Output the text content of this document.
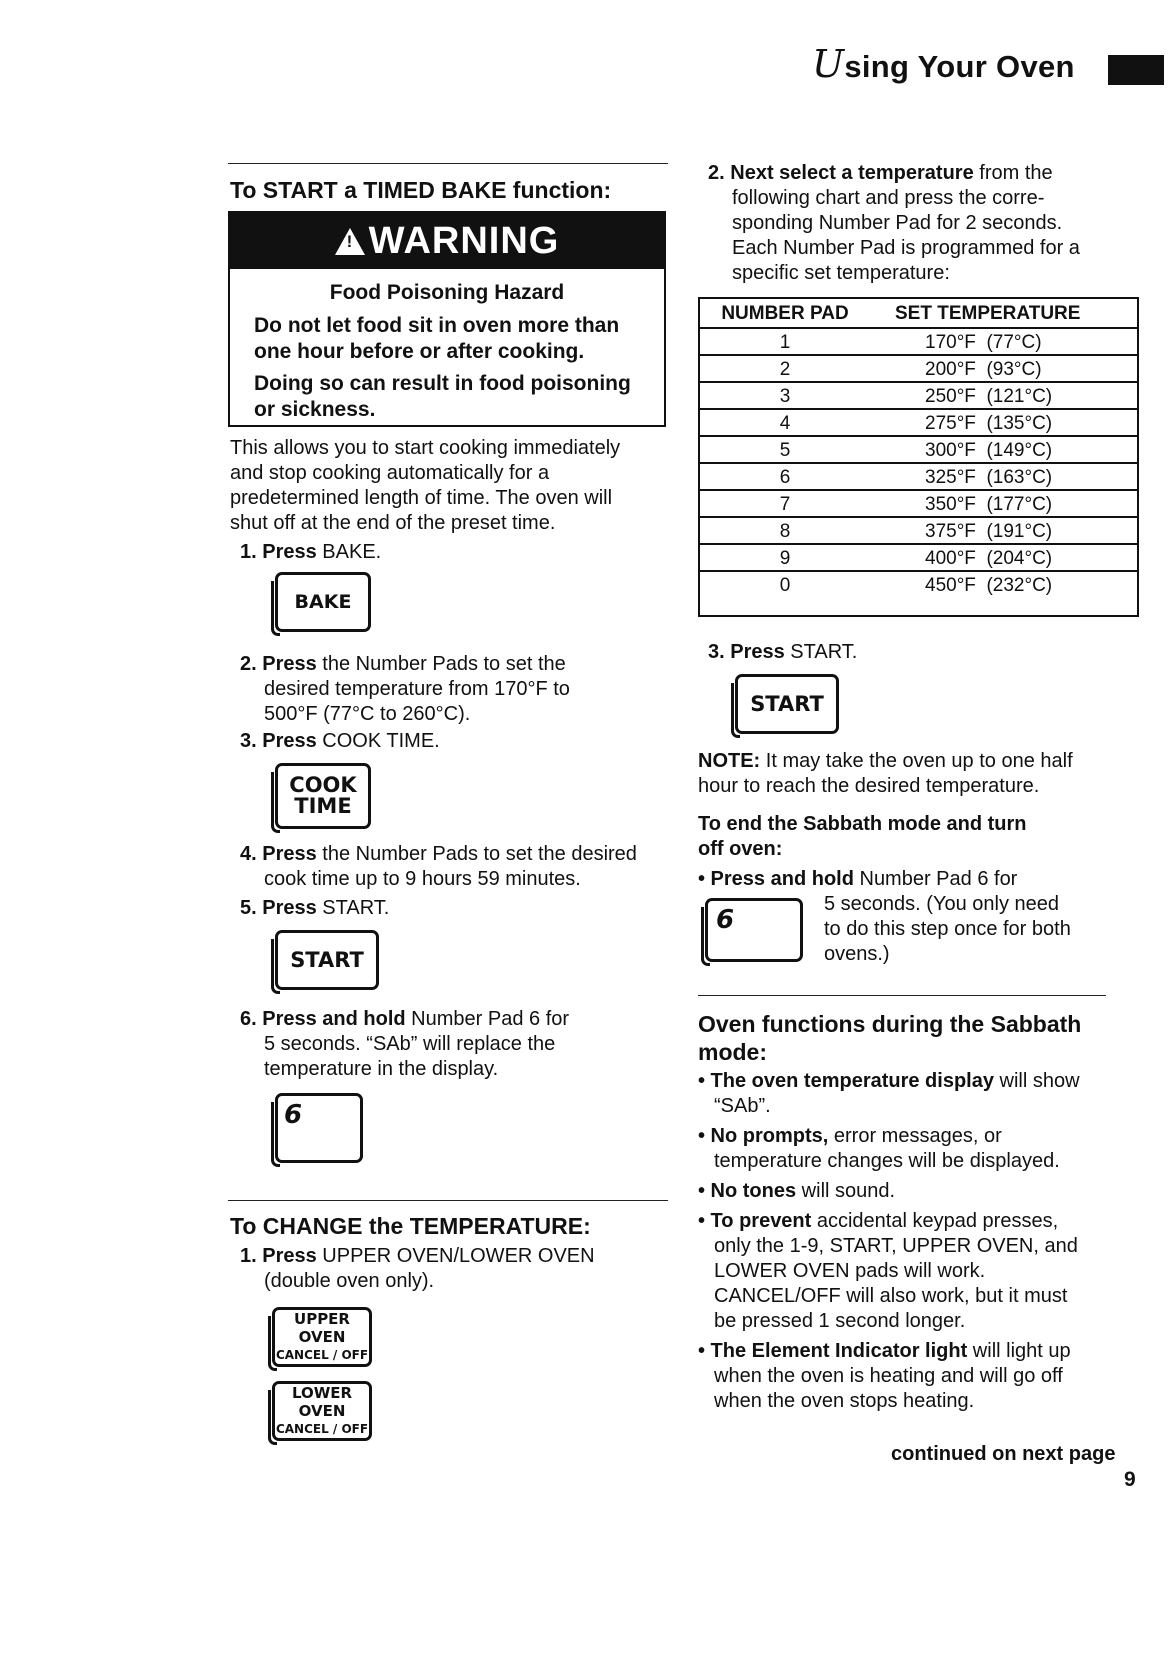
Using Your Oven
To START a TIMED BAKE function:
!WARNING
Food Poisoning Hazard
Do not let food sit in oven more than
one hour before or after cooking.
Doing so can result in food poisoning
or sickness.
This allows you to start cooking immediately
and stop cooking automatically for a
predetermined length of time. The oven will
shut off at the end of the preset time.
1. Press BAKE.
BAKE
2. Press the Number Pads to set the
desired temperature from 170°F to
500°F (77°C to 260°C).
3. Press COOK TIME.
COOK
TIME
4. Press the Number Pads to set the desired
cook time up to 9 hours 59 minutes.
5. Press START.
START
6. Press and hold Number Pad 6 for
5 seconds. “SAb” will replace the
temperature in the display.
6
To CHANGE the TEMPERATURE:
1. Press UPPER OVEN/LOWER OVEN
(double oven only).
UPPER OVEN
CANCEL / OFF
LOWER OVEN
CANCEL / OFF
2. Next select a temperature from the
following chart and press the corre-
sponding Number Pad for 2 seconds.
Each Number Pad is programmed for a
specific set temperature:
NUMBER PAD	SET TEMPERATURE
1	170°F  (77°C)
2	200°F  (93°C)
3	250°F  (121°C)
4	275°F  (135°C)
5	300°F  (149°C)
6	325°F  (163°C)
7	350°F  (177°C)
8	375°F  (191°C)
9	400°F  (204°C)
0	450°F  (232°C)
3. Press START.
START
NOTE: It may take the oven up to one half
hour to reach the desired temperature.
To end the Sabbath mode and turn
off oven:
• Press and hold Number Pad 6 for
6
5 seconds. (You only need
to do this step once for both
ovens.)
Oven functions during the Sabbath
mode:
• The oven temperature display will show
“SAb”.
• No prompts, error messages, or
temperature changes will be displayed.
• No tones will sound.
• To prevent accidental keypad presses,
only the 1-9, START, UPPER OVEN, and
LOWER OVEN pads will work.
CANCEL/OFF will also work, but it must
be pressed 1 second longer.
• The Element Indicator light will light up
when the oven is heating and will go off
when the oven stops heating.
continued on next page
9
